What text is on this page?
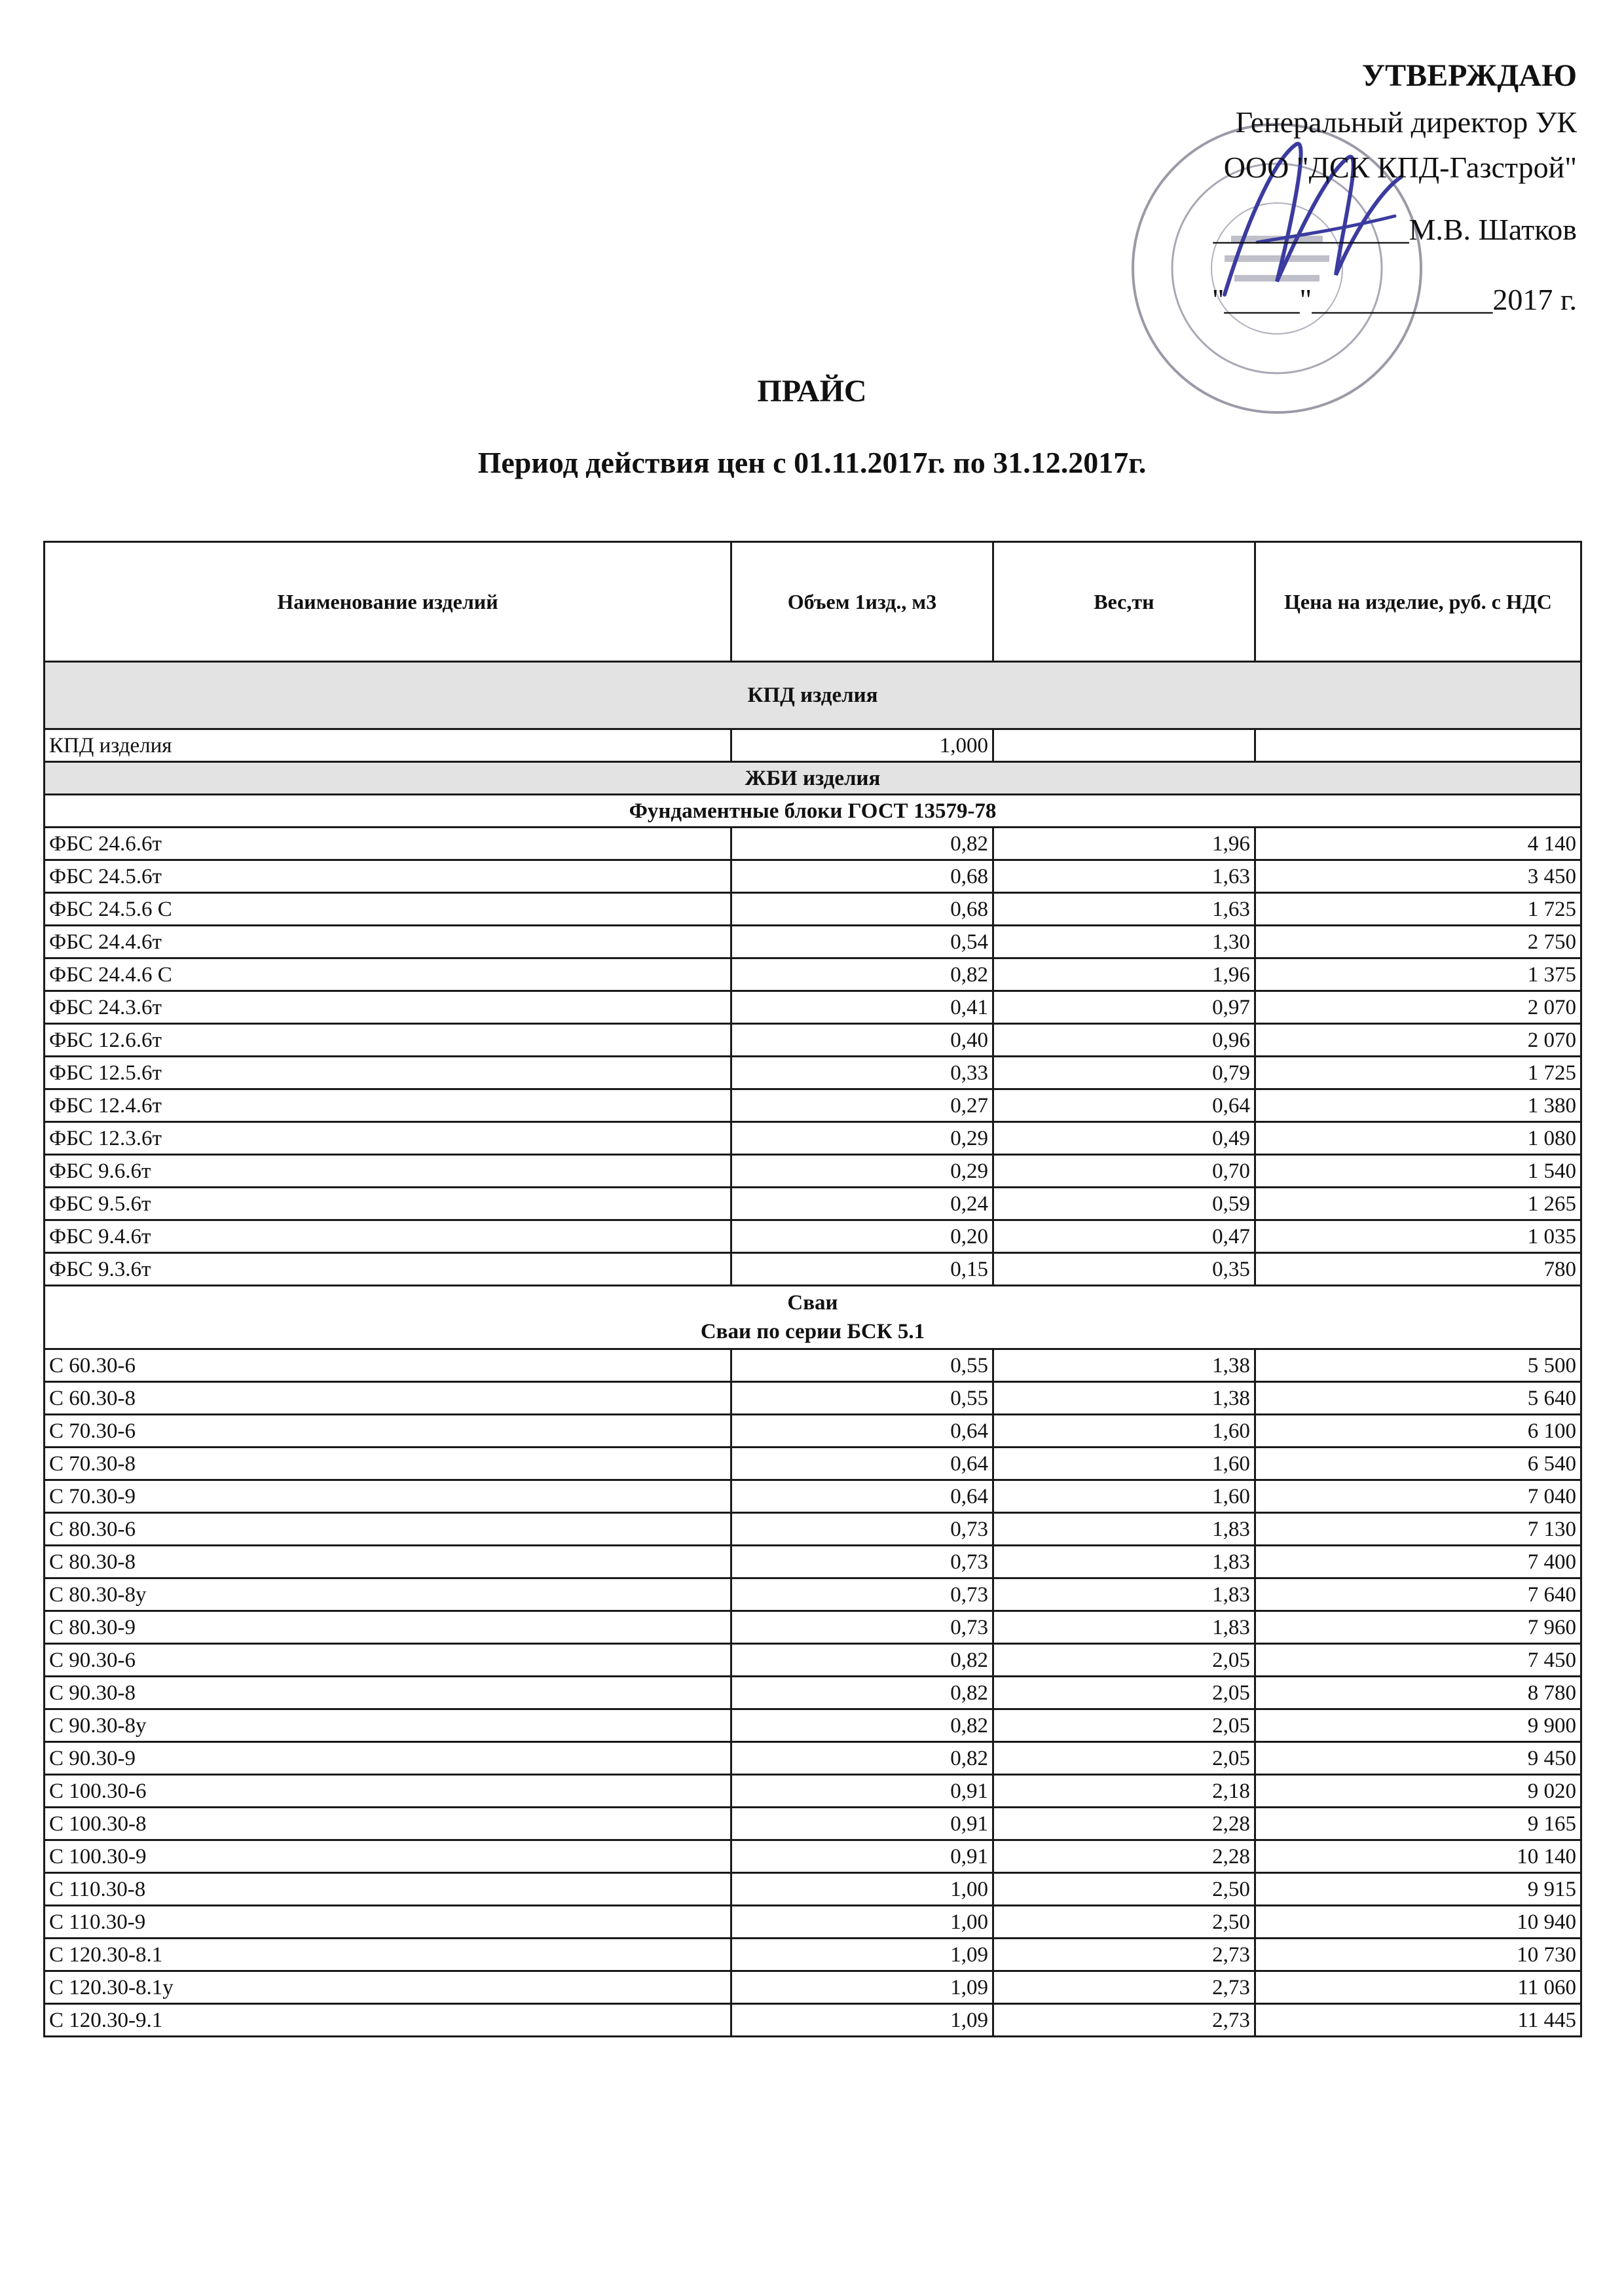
УТВЕРЖДАЮ
Генеральный директор УК
ООО "ДСК КПД-Газстрой"
_____________М.В. Шатков
"_____"____________2017 г.
ПРАЙС
Период действия цен с 01.11.2017г. по 31.12.2017г.
Наименование изделий	Объем 1изд., м3	Вес,тн	Цена на изделие, руб. с НДС
КПД изделия			
КПД изделия	1,000		
ЖБИ изделия			
Фундаментные блоки ГОСТ 13579-78			
ФБС 24.6.6т	0,82	1,96	4 140
ФБС 24.5.6т	0,68	1,63	3 450
ФБС 24.5.6 С	0,68	1,63	1 725
ФБС 24.4.6т	0,54	1,30	2 750
ФБС 24.4.6 С	0,82	1,96	1 375
ФБС 24.3.6т	0,41	0,97	2 070
ФБС 12.6.6т	0,40	0,96	2 070
ФБС 12.5.6т	0,33	0,79	1 725
ФБС 12.4.6т	0,27	0,64	1 380
ФБС 12.3.6т	0,29	0,49	1 080
ФБС 9.6.6т	0,29	0,70	1 540
ФБС 9.5.6т	0,24	0,59	1 265
ФБС 9.4.6т	0,20	0,47	1 035
ФБС 9.3.6т	0,15	0,35	780

Сваи
Сваи по серии БСК 5.1			

С 60.30-6	0,55	1,38	5 500
С 60.30-8	0,55	1,38	5 640
С 70.30-6	0,64	1,60	6 100
С 70.30-8	0,64	1,60	6 540
С 70.30-9	0,64	1,60	7 040
С 80.30-6	0,73	1,83	7 130
С 80.30-8	0,73	1,83	7 400
С 80.30-8у	0,73	1,83	7 640
С 80.30-9	0,73	1,83	7 960
С 90.30-6	0,82	2,05	7 450
С 90.30-8	0,82	2,05	8 780
С 90.30-8у	0,82	2,05	9 900
С 90.30-9	0,82	2,05	9 450
С 100.30-6	0,91	2,18	9 020
С 100.30-8	0,91	2,28	9 165
С 100.30-9	0,91	2,28	10 140
С 110.30-8	1,00	2,50	9 915
С 110.30-9	1,00	2,50	10 940
С 120.30-8.1	1,09	2,73	10 730
С 120.30-8.1у	1,09	2,73	11 060
С 120.30-9.1	1,09	2,73	11 445
